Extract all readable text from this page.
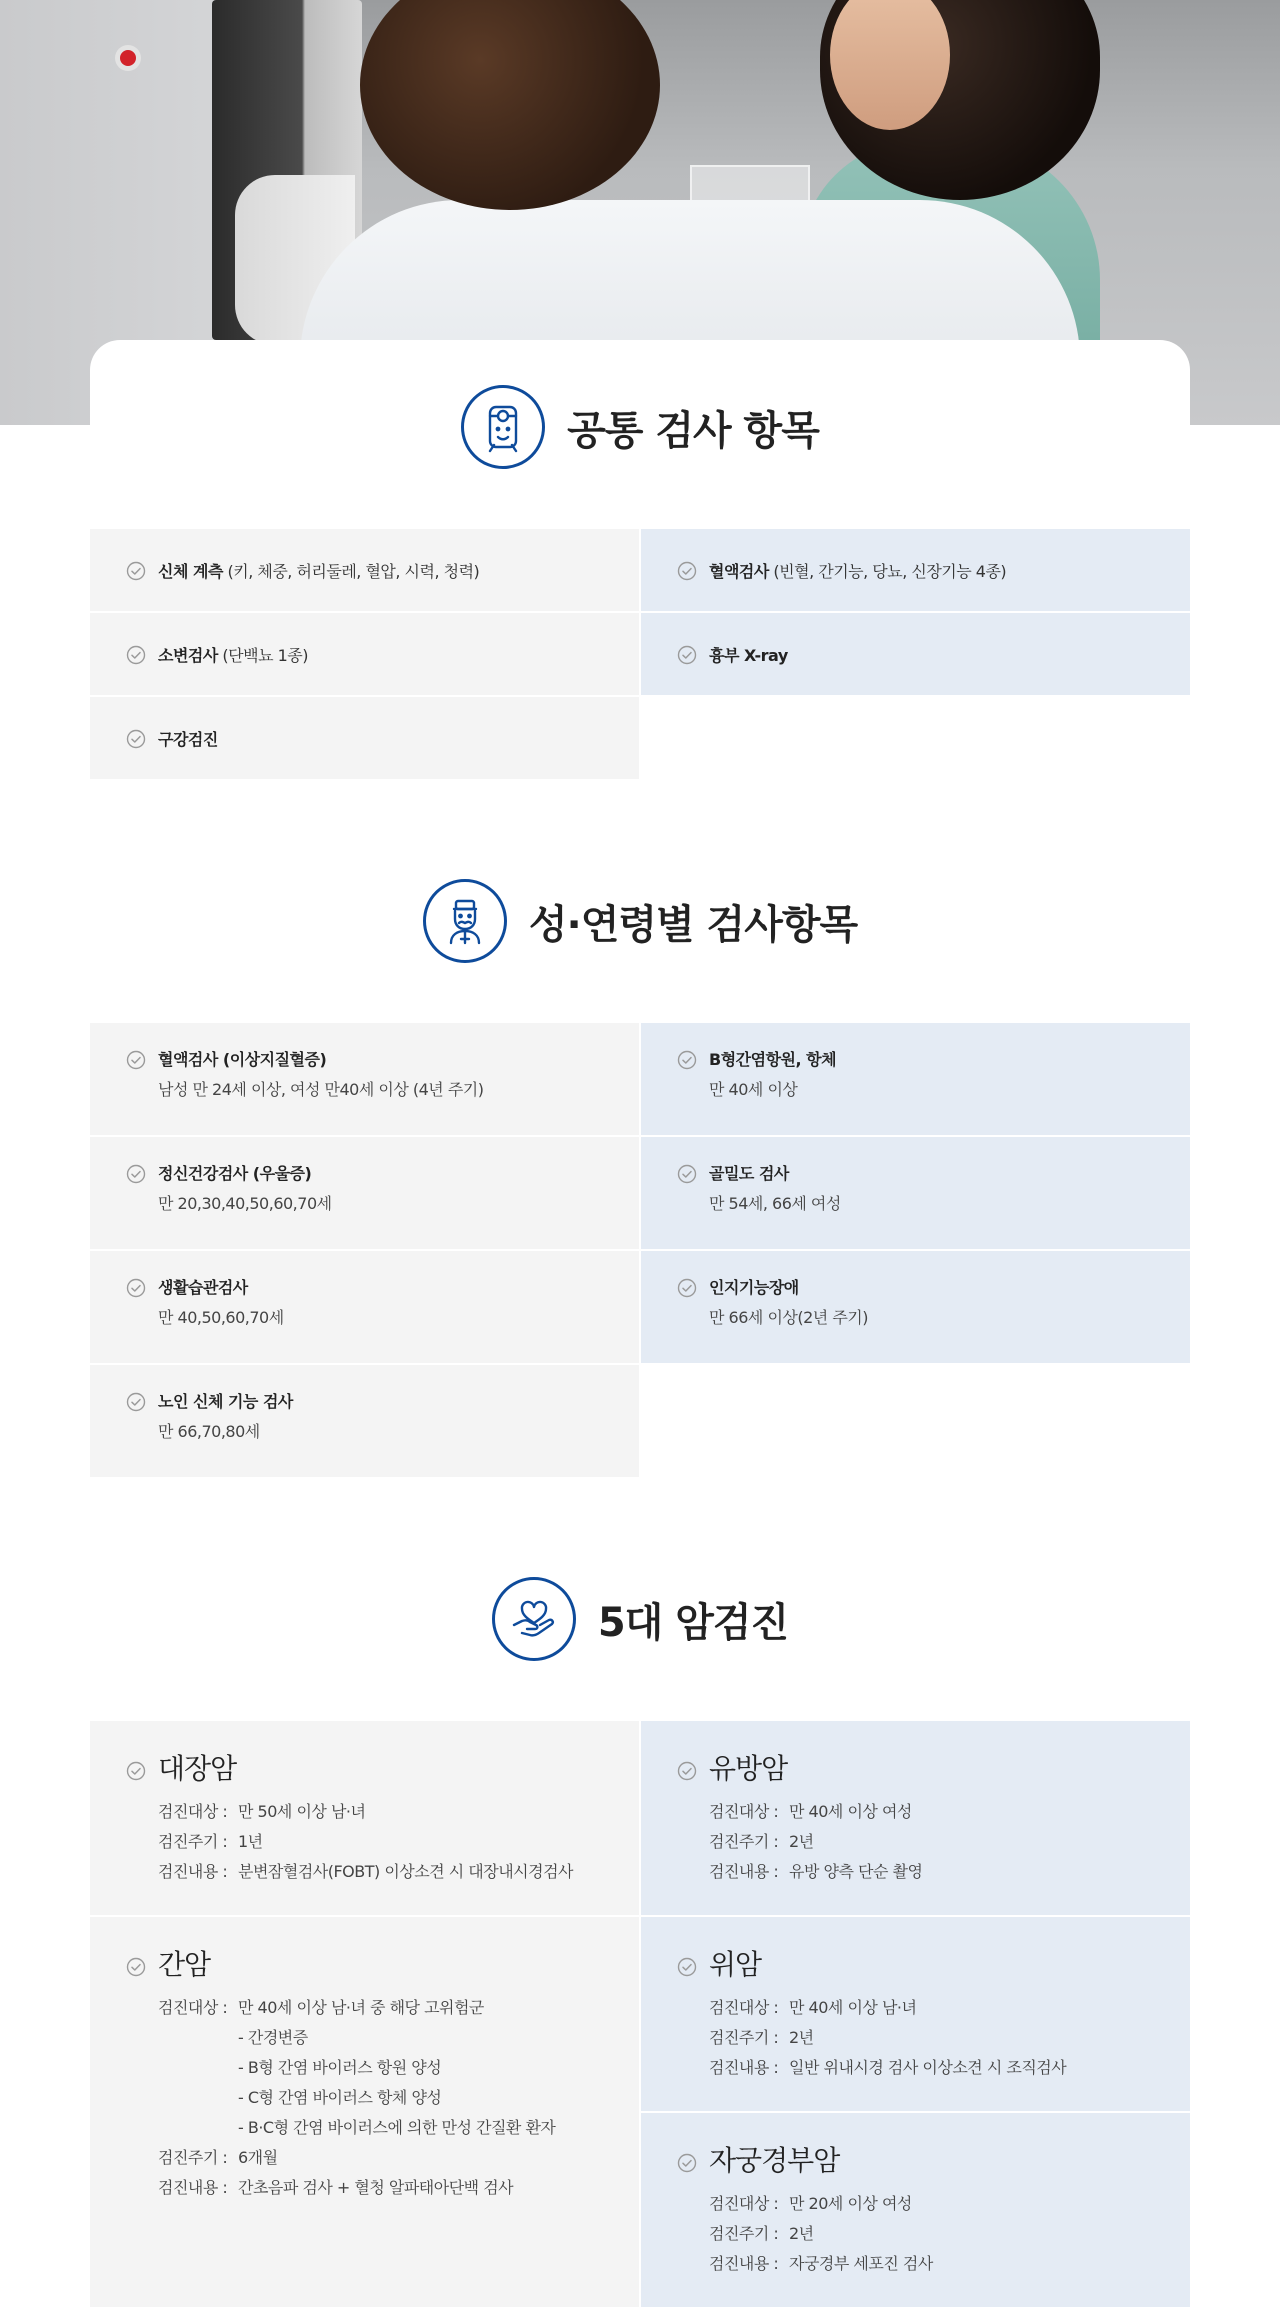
공통 검사 항목
신체 계측 (키, 체중, 허리둘레, 혈압, 시력, 청력)	혈액검사 (빈혈, 간기능, 당뇨, 신장기능 4종)
소변검사 (단백뇨 1종)	흉부 X-ray
구강검진
성·연령별 검사항목
혈액검사 (이상지질혈증)
남성 만 24세 이상, 여성 만40세 이상 (4년 주기)
B형간염항원, 항체
만 40세 이상
정신건강검사 (우울증)
만 20,30,40,50,60,70세
골밀도 검사
만 54세, 66세 여성
생활습관검사
만 40,50,60,70세
인지기능장애
만 66세 이상(2년 주기)
노인 신체 기능 검사
만 66,70,80세
5대 암검진
대장암
검진대상 : 만 50세 이상 남·녀
검진주기 : 1년
검진내용 : 분변잠혈검사(FOBT) 이상소견 시 대장내시경검사
유방암
검진대상 : 만 40세 이상 여성
검진주기 : 2년
검진내용 : 유방 양측 단순 촬영
간암
검진대상 : 만 40세 이상 남·녀 중 해당 고위험군
- 간경변증
- B형 간염 바이러스 항원 양성
- C형 간염 바이러스 항체 양성
- B·C형 간염 바이러스에 의한 만성 간질환 환자
검진주기 : 6개월
검진내용 : 간초음파 검사 + 혈청 알파태아단백 검사
위암
검진대상 : 만 40세 이상 남·녀
검진주기 : 2년
검진내용 : 일반 위내시경 검사 이상소견 시 조직검사
자궁경부암
검진대상 : 만 20세 이상 여성
검진주기 : 2년
검진내용 : 자궁경부 세포진 검사
